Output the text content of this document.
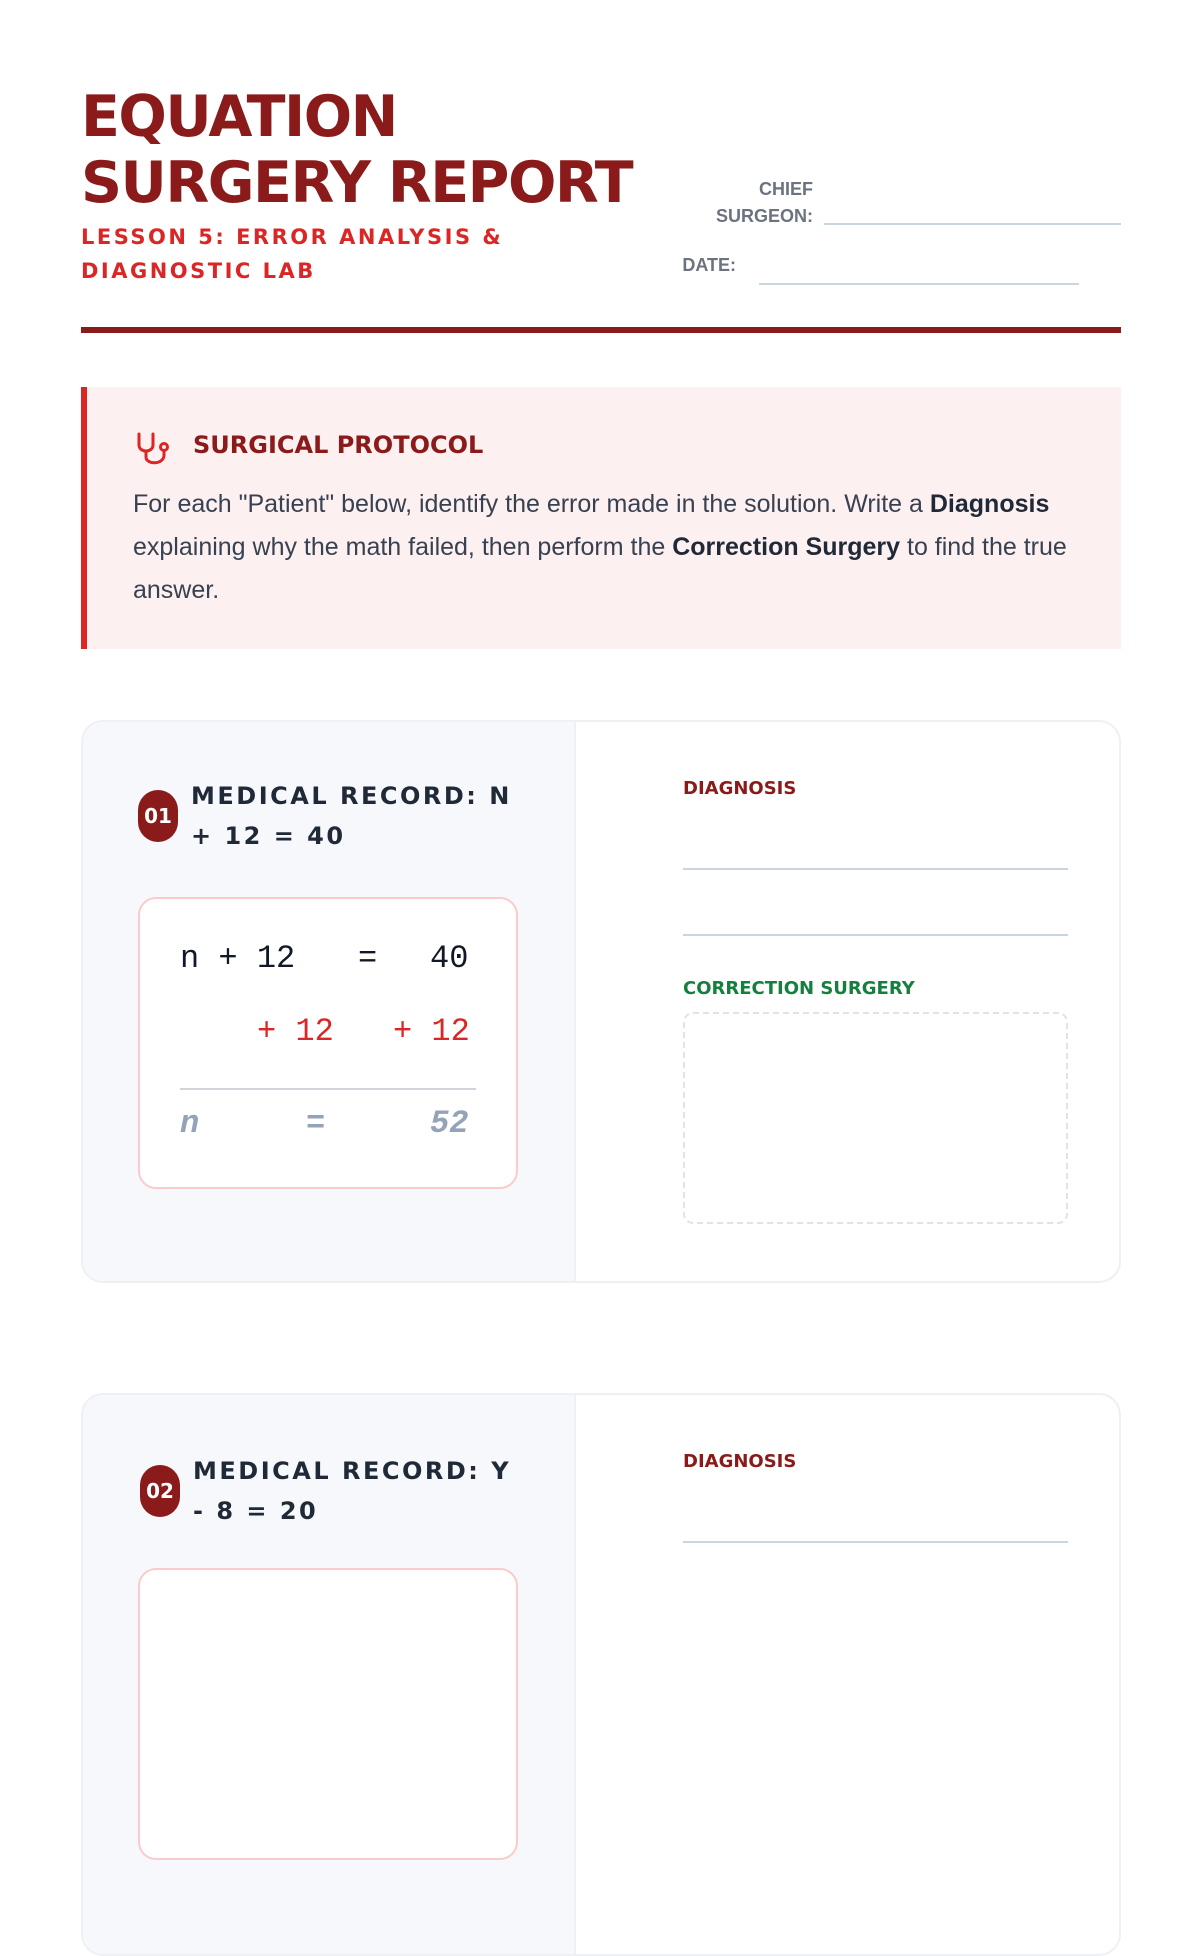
EQUATION
SURGERY REPORT

LESSON 5: ERROR ANALYSIS & DIAGNOSTIC LAB

CHIEF
SURGEON:
DATE:
SURGICAL PROTOCOL

For each "Patient" below, identify the error made in the solution. Write a Diagnosis explaining why the math failed, then perform the Correction Surgery to find the true answer.

01

MEDICAL RECORD: N + 12 = 40

n + 12 = 40
+ 12 + 12
n	=	52
DIAGNOSIS
CORRECTION SURGERY
02

MEDICAL RECORD: Y - 8 = 20

DIAGNOSIS
